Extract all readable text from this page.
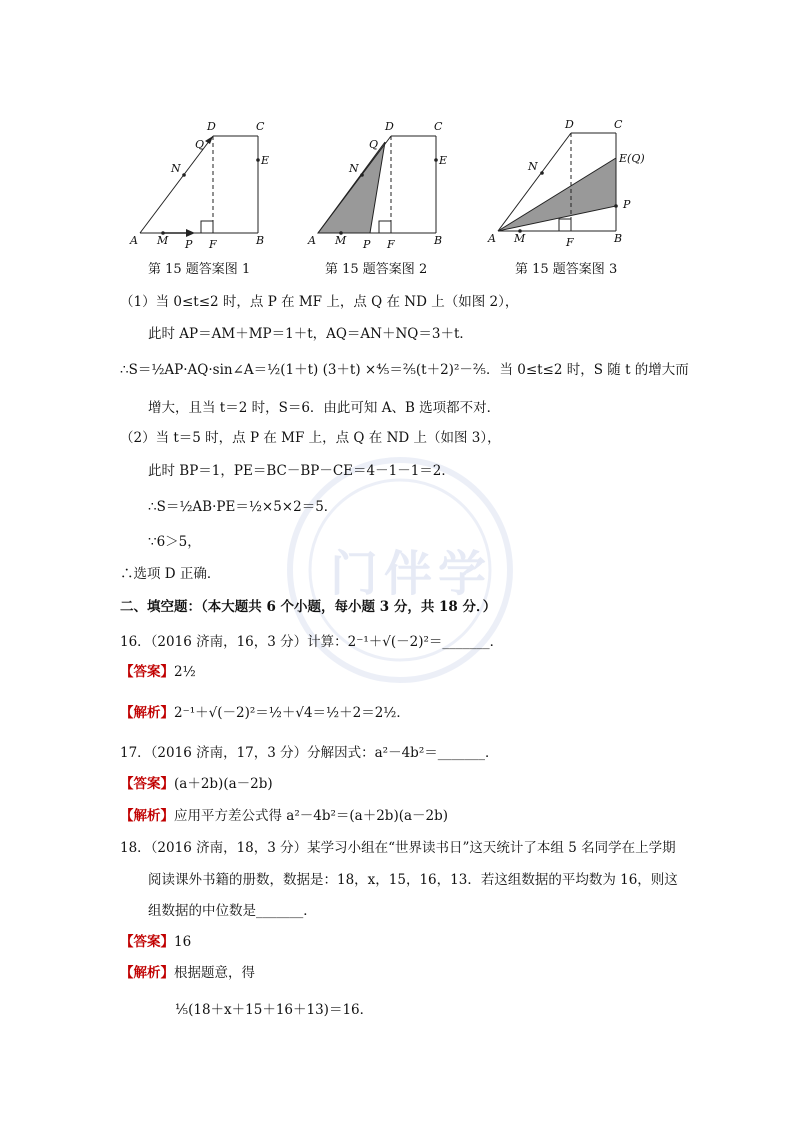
门伴学
A M P F	B
C
D
E
Q
N
第 15 题答案图 1
A M P F	B
C
D
E
Q
N
第 15 题答案图 2
A M	F	B
C
D
E(Q)
P
N
第 15 题答案图 3
（1）当 0≤t≤2 时，点 P 在 MF 上，点 Q 在 ND 上（如图 2），
此时 AP＝AM＋MP＝1＋t，AQ＝AN＋NQ＝3＋t．
∴S＝½AP·AQ·sin∠A＝½(1＋t) (3＋t) ×⅘＝⅖(t＋2)²－⅖．当 0≤t≤2 时，S 随 t 的增大而
增大，且当 t＝2 时，S＝6．由此可知 A、B 选项都不对．
（2）当 t＝5 时，点 P 在 MF 上，点 Q 在 ND 上（如图 3），
此时 BP＝1，PE＝BC－BP－CE＝4－1－1＝2．
∴S＝½AB·PE＝½×5×2＝5．
∵6＞5，
∴选项 D 正确．
二、填空题：（本大题共 6 个小题，每小题 3 分，共 18 分．）
16．（2016 济南，16，3 分）计算：2⁻¹＋√(－2)²＝_______．
【答案】2½
【解析】2⁻¹＋√(－2)²＝½＋√4＝½＋2＝2½．
17．（2016 济南，17，3 分）分解因式：a²－4b²＝_______．
【答案】(a＋2b)(a－2b)
【解析】应用平方差公式得 a²－4b²＝(a＋2b)(a－2b)
18．（2016 济南，18，3 分）某学习小组在“世界读书日”这天统计了本组 5 名同学在上学期
阅读课外书籍的册数，数据是：18，x，15，16，13．若这组数据的平均数为 16，则这
组数据的中位数是_______．
【答案】16
【解析】根据题意，得
⅕(18＋x＋15＋16＋13)＝16．
